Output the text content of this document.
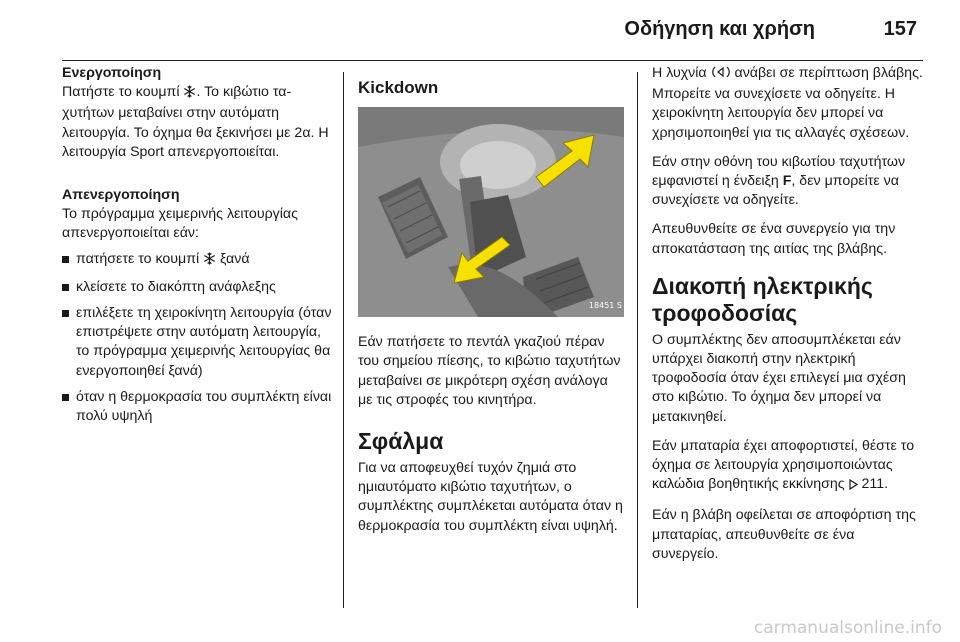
Οδήγηση και χρήση	157
Ενεργοποίηση

Πατήστε το κουμπί . Το κιβώτιο ταχυτήτων μεταβαίνει στην αυτόματη λειτουργία. Το όχημα θα ξεκινήσει με 2α. Η λειτουργία Sport απενεργοποιείται.

Απενεργοποίηση

Το πρόγραμμα χειμερινής λειτουργίας απενεργοποιείται εάν:

πατήσετε το κουμπί  ξανά
κλείσετε το διακόπτη ανάφλεξης
επιλέξετε τη χειροκίνητη λειτουργία (όταν επιστρέψετε στην αυτόματη λειτουργία, το πρόγραμμα χειμερινής λειτουργίας θα ενεργοποιηθεί ξανά)
όταν η θερμοκρασία του συμπλέκτη είναι πολύ υψηλή
Kickdown
18451 S

Εάν πατήσετε το πεντάλ γκαζιού πέραν του σημείου πίεσης, το κιβώτιο ταχυτήτων μεταβαίνει σε μικρότερη σχέση ανάλογα με τις στροφές του κινητήρα.

Σφάλμα

Για να αποφευχθεί τυχόν ζημιά στο ημιαυτόματο κιβώτιο ταχυτήτων, ο συμπλέκτης συμπλέκεται αυτόματα όταν η θερμοκρασία του συμπλέκτη είναι υψηλή.

Η λυχνία  ανάβει σε περίπτωση βλάβης. Μπορείτε να συνεχίσετε να οδηγείτε. Η χειροκίνητη λειτουργία δεν μπορεί να χρησιμοποιηθεί για τις αλλαγές σχέσεων.

Εάν στην οθόνη του κιβωτίου ταχυτήτων εμφανιστεί η ένδειξη F, δεν μπορείτε να συνεχίσετε να οδηγείτε.

Απευθυνθείτε σε ένα συνεργείο για την αποκατάσταση της αιτίας της βλάβης.

Διακοπή ηλεκτρικής τροφοδοσίας

Ο συμπλέκτης δεν αποσυμπλέκεται εάν υπάρχει διακοπή στην ηλεκτρική τροφοδοσία όταν έχει επιλεγεί μια σχέση στο κιβώτιο. Το όχημα δεν μπορεί να μετακινηθεί.

Εάν μπαταρία έχει αποφορτιστεί, θέστε το όχημα σε λειτουργία χρησιμοποιώντας καλώδια βοηθητικής εκκίνησης  211.

Εάν η βλάβη οφείλεται σε αποφόρτιση της μπαταρίας, απευθυνθείτε σε ένα συνεργείο.

carmanualsonline.info
